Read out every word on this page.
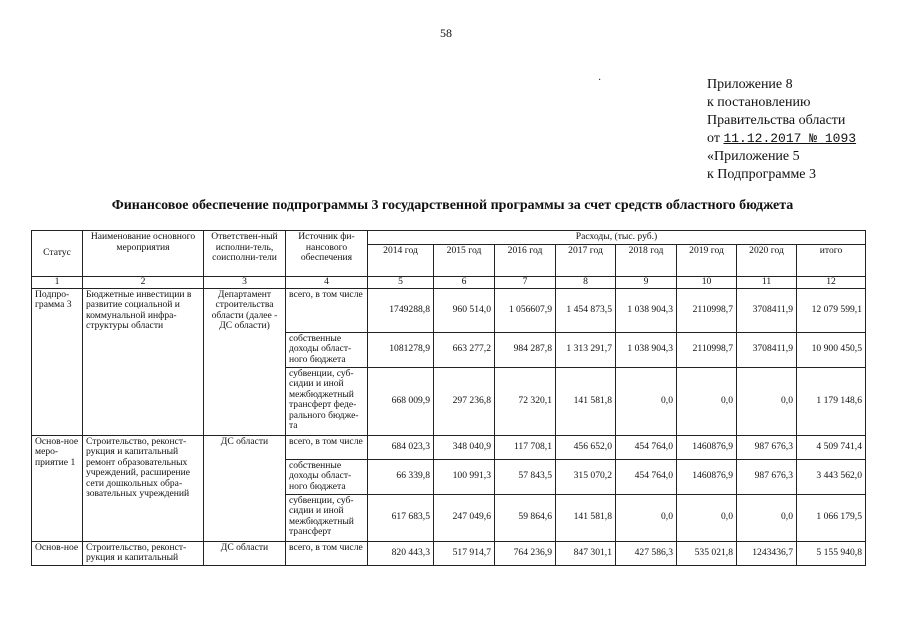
58
·	Приложение 8
к постановлению
Правительства области
от 11.12.2017 № 1093
«Приложение 5
к Подпрограмме 3
Финансовое обеспечение подпрограммы 3 государственной программы за счет средств областного бюджета
Статус	Наименование основного мероприятия	Ответствен-ный исполни-тель, соисполни-тели	Источник фи-нансового обеспечения	Расходы, (тыс. руб.)							
				2014 год	2015 год	2016 год	2017 год	2018 год	2019 год	2020 год	итого
1	2	3	4	5	6	7	8	9	10	11	12
Подпро-грамма 3	Бюджетные инвестиции в развитие социальной и коммунальной инфра-структуры области	Департамент строительства области (далее - ДС области)	всего, в том числе	1749288,8	960 514,0	1 056607,9	1 454 873,5	1 038 904,3	2110998,7	3708411,9	12 079 599,1
			собственные доходы област-ного бюджета	1081278,9	663 277,2	984 287,8	1 313 291,7	1 038 904,3	2110998,7	3708411,9	10 900 450,5
			субвенции, суб-сидии и иной межбюджетный трансферт феде-рального бюдже-та	668 009,9	297 236,8	72 320,1	141 581,8	0,0	0,0	0,0	1 179 148,6
Основ-ное меро-приятие 1	Строительство, реконст-рукция и капитальный ремонт образовательных учреждений, расширение сети дошкольных обра-зовательных учреждений	ДС области	всего, в том числе	684 023,3	348 040,9	117 708,1	456 652,0	454 764,0	1460876,9	987 676,3	4 509 741,4
			собственные доходы област-ного бюджета	66 339,8	100 991,3	57 843,5	315 070,2	454 764,0	1460876,9	987 676,3	3 443 562,0
			субвенции, суб-сидии и иной межбюджетный трансферт	617 683,5	247 049,6	59 864,6	141 581,8	0,0	0,0	0,0	1 066 179,5
Основ-ное	Строительство, реконст-рукция и капитальный	ДС области	всего, в том числе	820 443,3	517 914,7	764 236,9	847 301,1	427 586,3	535 021,8	1243436,7	5 155 940,8
